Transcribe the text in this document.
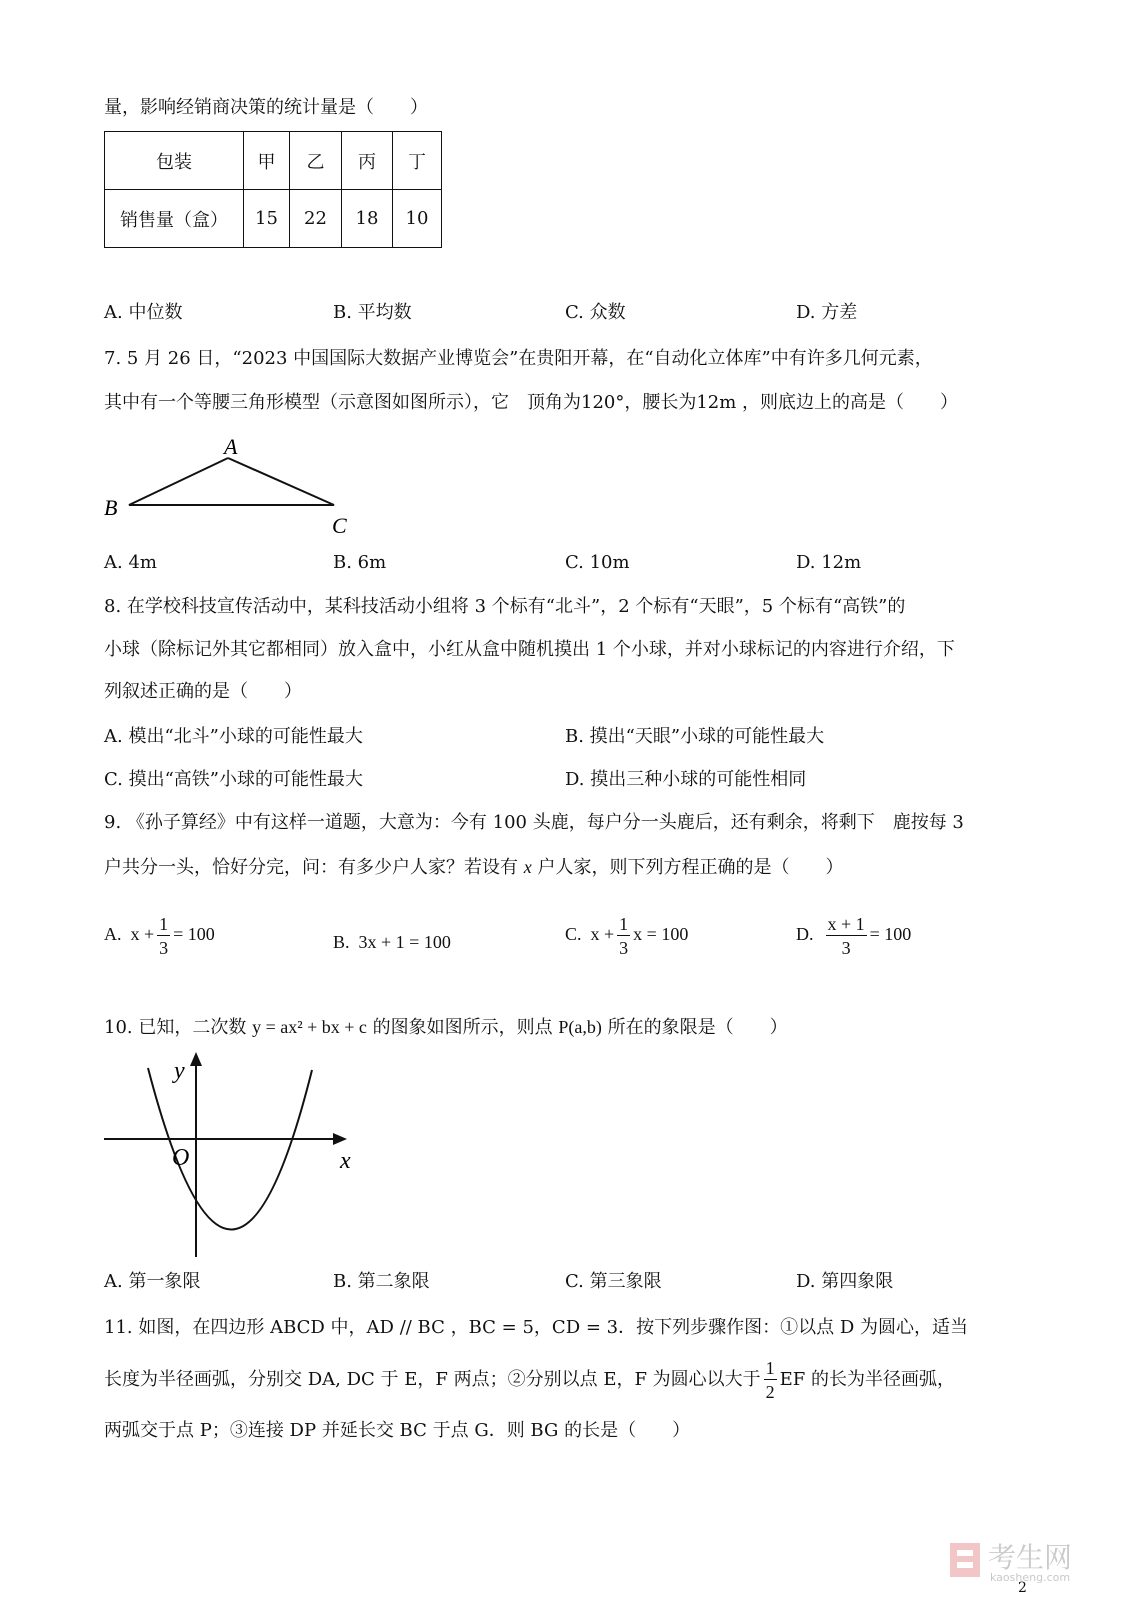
量，影响经销商决策的统计量是（　　）
包装	甲	乙	丙	丁
销售量（盒）	15	22	18	10
A. 中位数	B. 平均数	C. 众数	D. 方差
7. 5 月 26 日，“2023 中国国际大数据产业博览会”在贵阳开幕，在“自动化立体库”中有许多几何元素，
其中有一个等腰三角形模型（示意图如图所示），它　顶角为120°，腰长为12m ，则底边上的高是（　　）
A
B
C
A. 4m	B. 6m	C. 10m	D. 12m
8. 在学校科技宣传活动中，某科技活动小组将 3 个标有“北斗”，2 个标有“天眼”，5 个标有“高铁”的
小球（除标记外其它都相同）放入盒中，小红从盒中随机摸出 1 个小球，并对小球标记的内容进行介绍，下
列叙述正确的是（　　）
A. 模出“北斗”小球的可能性最大	B. 摸出“天眼”小球的可能性最大
C. 摸出“高铁”小球的可能性最大	D. 摸出三种小球的可能性相同
9. 《孙子算经》中有这样一道题，大意为：今有 100 头鹿，每户分一头鹿后，还有剩余，将剩下　鹿按每 3
户共分一头，恰好分完，问：有多少户人家？若设有 x 户人家，则下列方程正确的是（　　）
A. $x + \frac{1}{3} = 100$	B. 3x + 1 = 100	C. $x + \frac{1}{3}$ x = 100	D. $\frac{x + 1}{3} = 100$
10. 已知，二次数 y = ax² + bx + c 的图象如图所示，则点 P(a,b) 所在的象限是（　　）
y
x
O
A. 第一象限	B. 第二象限	C. 第三象限	D. 第四象限
11. 如图，在四边形 ABCD 中，AD // BC ，BC = 5，CD = 3．按下列步骤作图：①以点 D 为圆心，适当
长度为半径画弧，分别交 DA, DC 于 E，F 两点；②分别以点 E，F 为圆心以大于 $\frac{1}{2}$ EF 的长为半径画弧，
两弧交于点 P；③连接 DP 并延长交 BC 于点 G．则 BG 的长是（　　）
考生网
kaosheng.com
2
